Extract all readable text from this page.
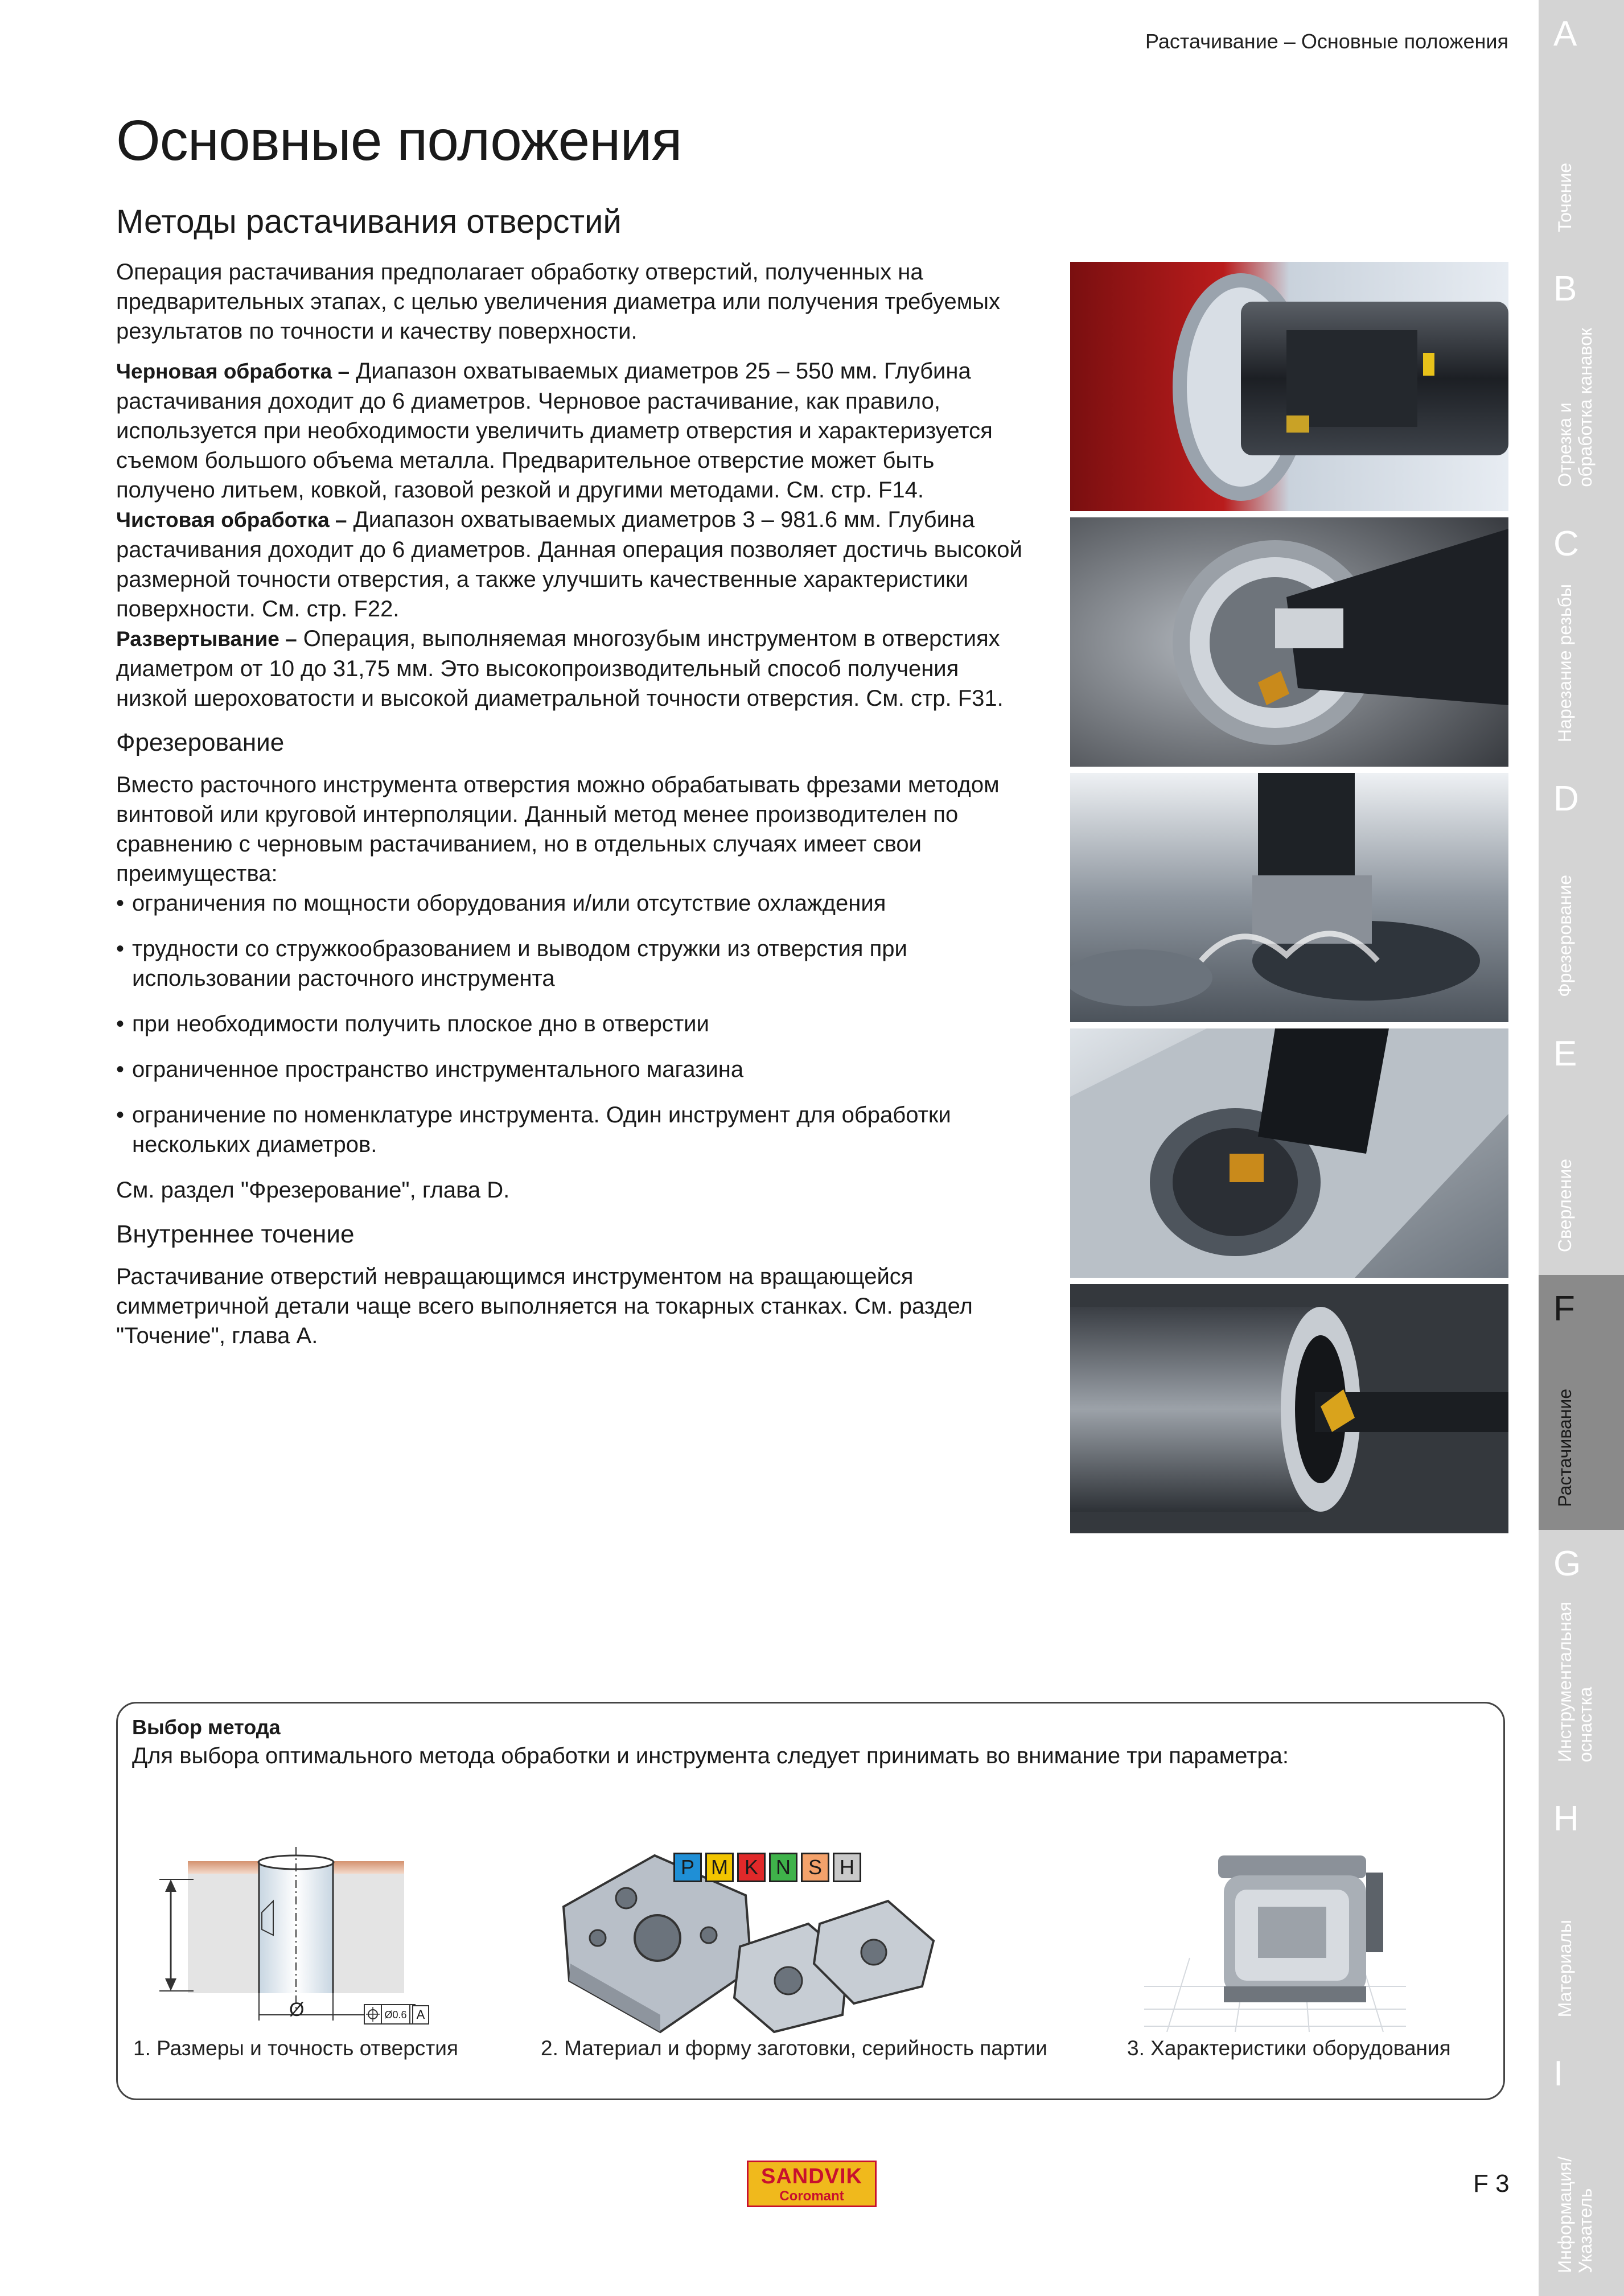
Растачивание – Основные положения
Основные положения
Методы растачивания отверстий

Операция растачивания предполагает обработку отверстий, полученных на предварительных этапах, с целью увеличения диаметра или получения требуемых результатов по точности и качеству поверхности.

Черновая обработка – Диапазон охватываемых диаметров 25 – 550 мм. Глубина растачивания доходит до 6 диаметров. Черновое растачивание, как правило, используется при необходимости увеличить диаметр отверстия и характеризуется съемом большого объема металла. Предварительное отверстие может быть получено литьем, ковкой, газовой резкой и другими методами. См. стр. F14.

Чистовая обработка – Диапазон охватываемых диаметров 3 – 981.6 мм. Глубина растачивания доходит до 6 диаметров. Данная операция позволяет достичь высокой размерной точности отверстия, а также улучшить качественные характеристики поверхности. См. стр. F22.

Развертывание – Операция, выполняемая многозубым инструментом в отверстиях диаметром от 10 до 31,75 мм. Это высокопроизводительный способ получения низкой шероховатости и высокой диаметральной точности отверстия. См. стр. F31.

Фрезерование

Вместо расточного инструмента отверстия можно обрабатывать фрезами методом винтовой или круговой интерполяции. Данный метод менее производителен по сравнению с черновым растачиванием, но в отдельных случаях имеет свои преимущества:

• ограничения по мощности оборудования и/или отсутствие охлаждения

• трудности со стружкообразованием и выводом стружки из отверстия при использовании расточного инструмента

• при необходимости получить плоское дно в отверстии

• ограниченное пространство инструментального магазина

• ограничение по номенклатуре инструмента. Один инструмент для обработки нескольких диаметров.

См. раздел "Фрезерование", глава D.

Внутреннее точение

Растачивание отверстий невращающимся инструментом на вращающейся симметричной детали чаще всего выполняется на токарных станках. См. раздел "Точение", глава A.

A
Точение
B
Отрезка и
обработка канавок
C
Нарезание резьбы
D
Фрезерование
E
Сверление
F
Растачивание
G
Инструментальная
оснастка
H
Материалы
I
Информация/
Указатель
Выбор метода
Для выбора оптимального метода обработки и инструмента следует принимать во внимание три параметра:
Ø	Ø0.6 A
P M K N S H
1. Размеры и точность отверстия	2. Материал и форму заготовки, серийность партии	3. Характеристики оборудования
SANDVIK
Coromant	F 3
